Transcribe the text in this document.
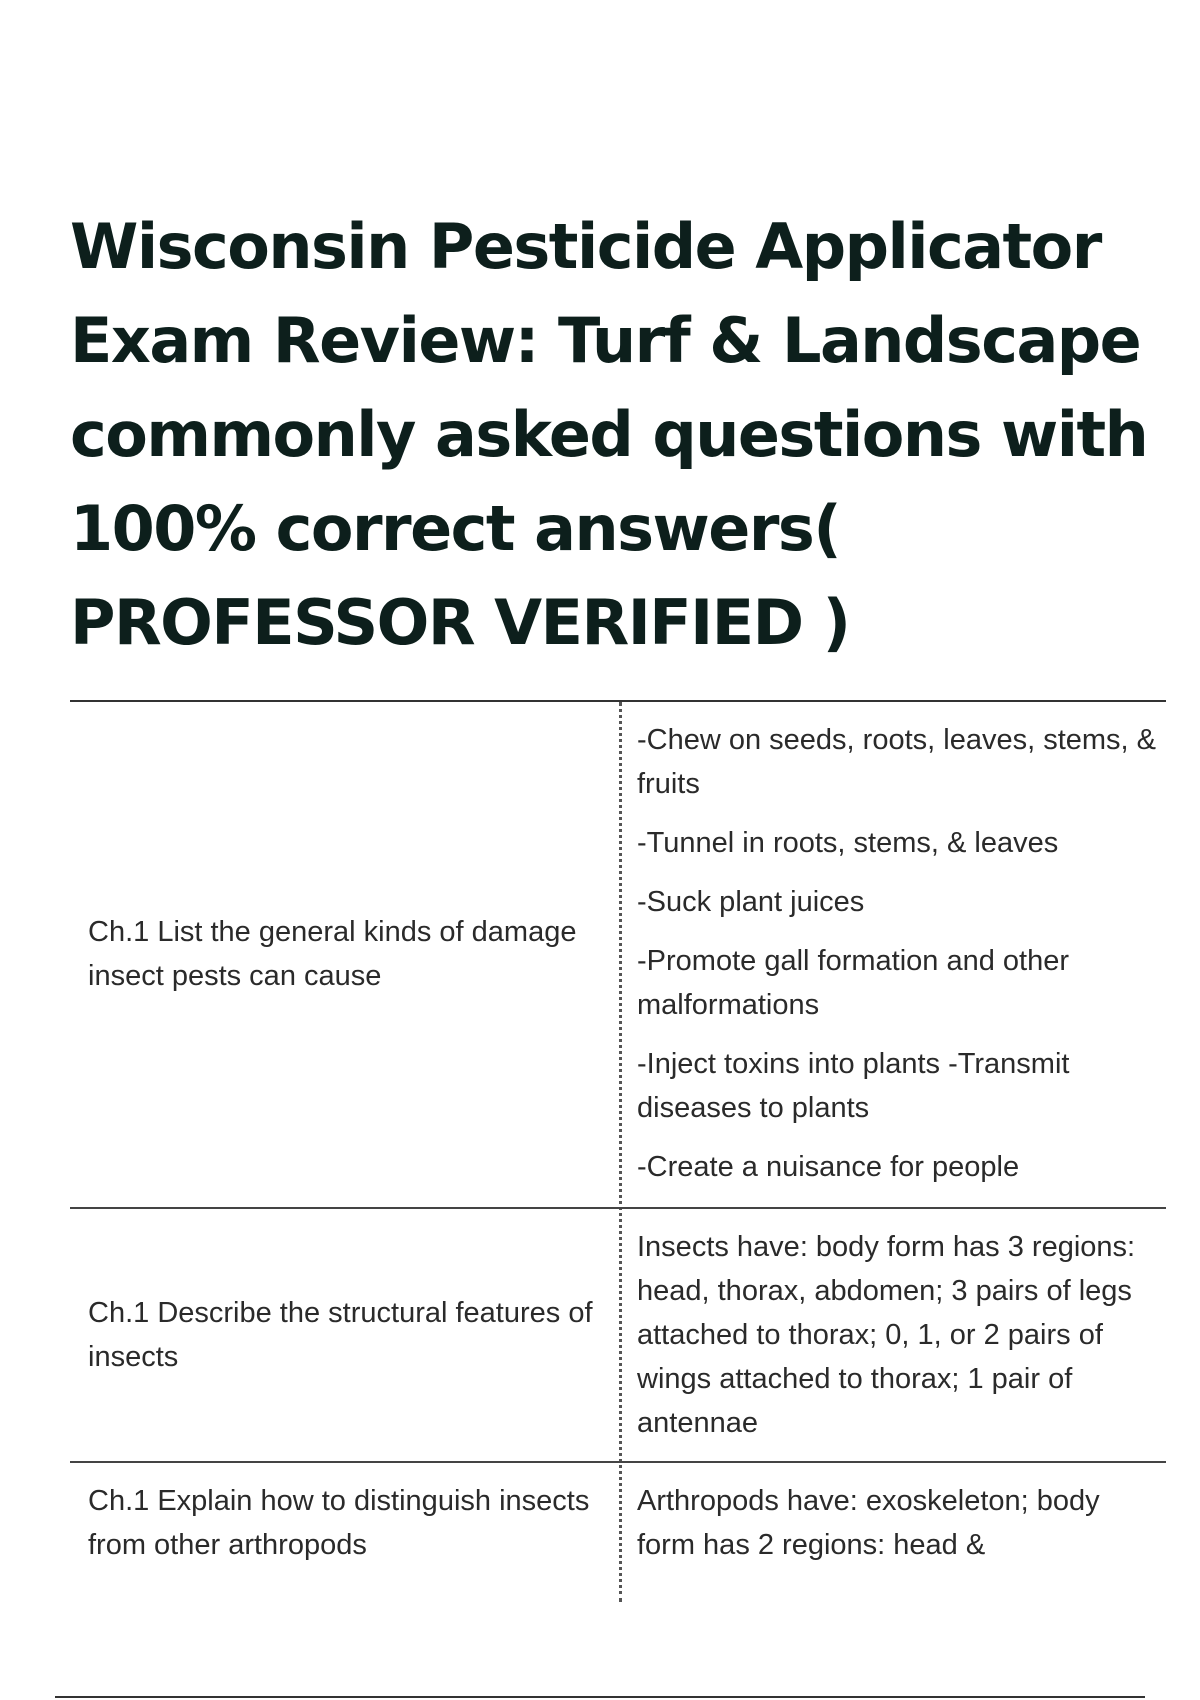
Wisconsin Pesticide Applicator
Exam Review: Turf & Landscape
commonly asked questions with
100% correct answers(
PROFESSOR VERIFIED )
Ch.1 List the general kinds of damage insect pests can cause
-Chew on seeds, roots, leaves, stems, & fruits
-Tunnel in roots, stems, & leaves
-Suck plant juices
-Promote gall formation and other malformations
-Inject toxins into plants -Transmit diseases to plants
-Create a nuisance for people
Ch.1 Describe the structural features of insects
Insects have: body form has 3 regions: head, thorax, abdomen; 3 pairs of legs attached to thorax; 0, 1, or 2 pairs of wings attached to thorax; 1 pair of antennae
Ch.1 Explain how to distinguish insects from other arthropods
Arthropods have: exoskeleton; body form has 2 regions: head &
